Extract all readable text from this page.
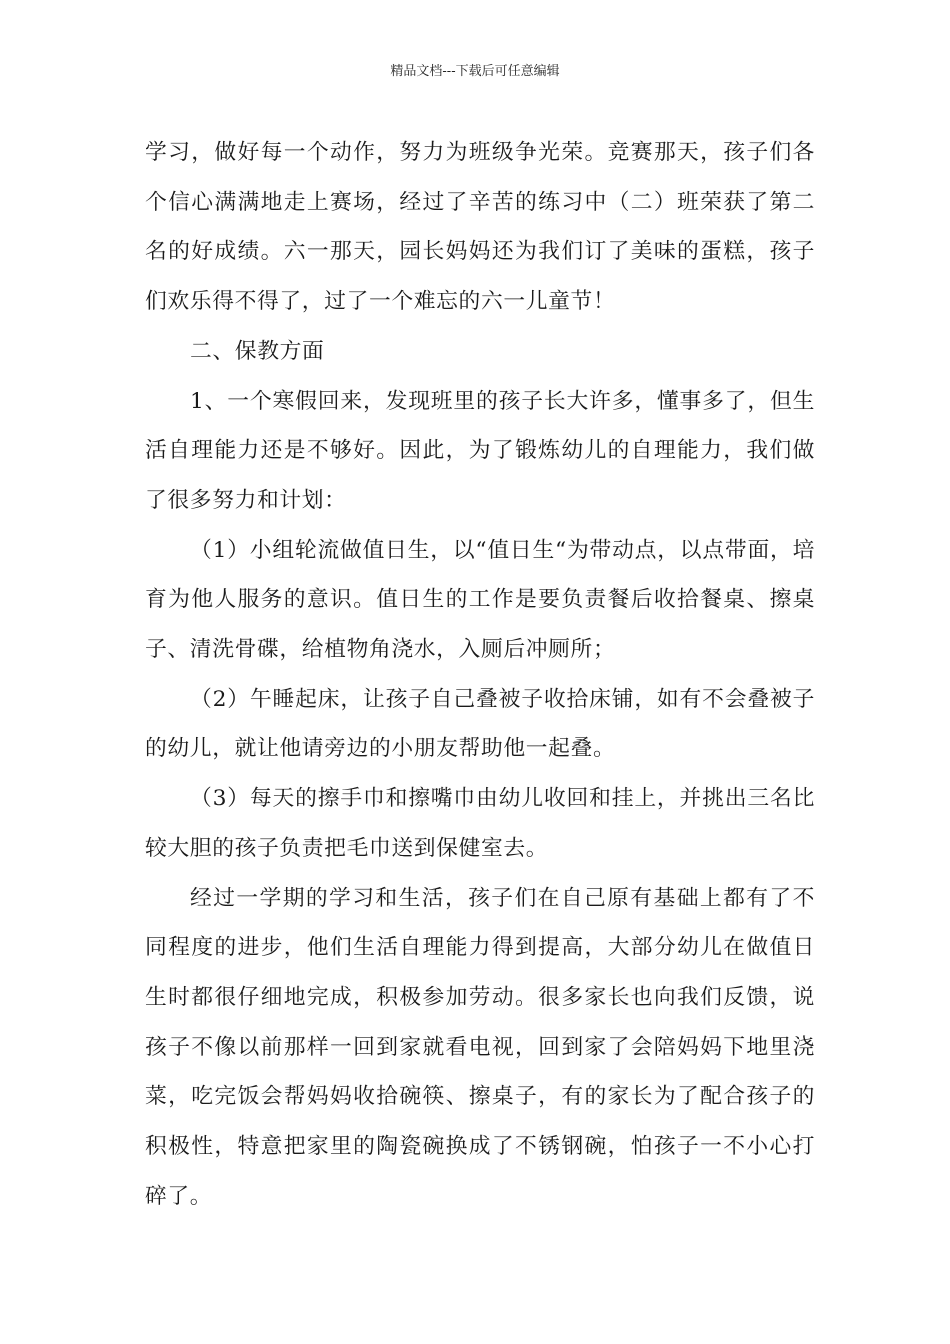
精品文档---下载后可任意编辑

学习，做好每一个动作，努力为班级争光荣。竞赛那天，孩子们各个信心满满地走上赛场，经过了辛苦的练习中（二）班荣获了第二名的好成绩。六一那天，园长妈妈还为我们订了美味的蛋糕，孩子们欢乐得不得了，过了一个难忘的六一儿童节！

二、保教方面

1、一个寒假回来，发现班里的孩子长大许多，懂事多了，但生活自理能力还是不够好。因此，为了锻炼幼儿的自理能力，我们做了很多努力和计划：

（1）小组轮流做值日生，以“值日生“为带动点，以点带面，培育为他人服务的意识。值日生的工作是要负责餐后收拾餐桌、擦桌子、清洗骨碟，给植物角浇水，入厕后冲厕所；

（2）午睡起床，让孩子自己叠被子收拾床铺，如有不会叠被子的幼儿，就让他请旁边的小朋友帮助他一起叠。

（3）每天的擦手巾和擦嘴巾由幼儿收回和挂上，并挑出三名比较大胆的孩子负责把毛巾送到保健室去。

经过一学期的学习和生活，孩子们在自己原有基础上都有了不同程度的进步，他们生活自理能力得到提高，大部分幼儿在做值日生时都很仔细地完成，积极参加劳动。很多家长也向我们反馈，说孩子不像以前那样一回到家就看电视，回到家了会陪妈妈下地里浇菜，吃完饭会帮妈妈收拾碗筷、擦桌子，有的家长为了配合孩子的积极性，特意把家里的陶瓷碗换成了不锈钢碗，怕孩子一不小心打碎了。
